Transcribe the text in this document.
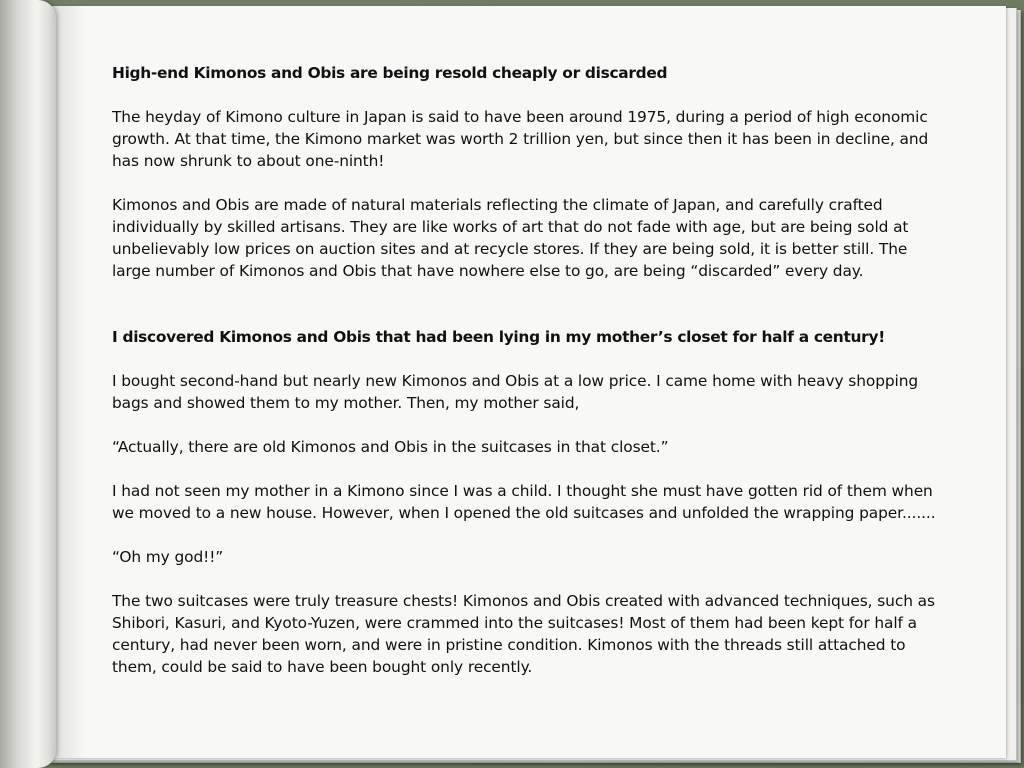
High-end Kimonos and Obis are being resold cheaply or discarded

The heyday of Kimono culture in Japan is said to have been around 1975, during a period of high economic growth. At that time, the Kimono market was worth 2 trillion yen, but since then it has been in decline, and has now shrunk to about one-ninth!

Kimonos and Obis are made of natural materials reflecting the climate of Japan, and carefully crafted individually by skilled artisans. They are like works of art that do not fade with age, but are being sold at unbelievably low prices on auction sites and at recycle stores. If they are being sold, it is better still. The large number of Kimonos and Obis that have nowhere else to go, are being “discarded” every day.

I discovered Kimonos and Obis that had been lying in my mother’s closet for half a century!

I bought second-hand but nearly new Kimonos and Obis at a low price. I came home with heavy shopping bags and showed them to my mother. Then, my mother said,

“Actually, there are old Kimonos and Obis in the suitcases in that closet.”

I had not seen my mother in a Kimono since I was a child. I thought she must have gotten rid of them when we moved to a new house. However, when I opened the old suitcases and unfolded the wrapping paper.......

“Oh my god!!”

The two suitcases were truly treasure chests! Kimonos and Obis created with advanced techniques, such as Shibori, Kasuri, and Kyoto-Yuzen, were crammed into the suitcases! Most of them had been kept for half a century, had never been worn, and were in pristine condition. Kimonos with the threads still attached to them, could be said to have been bought only recently.
